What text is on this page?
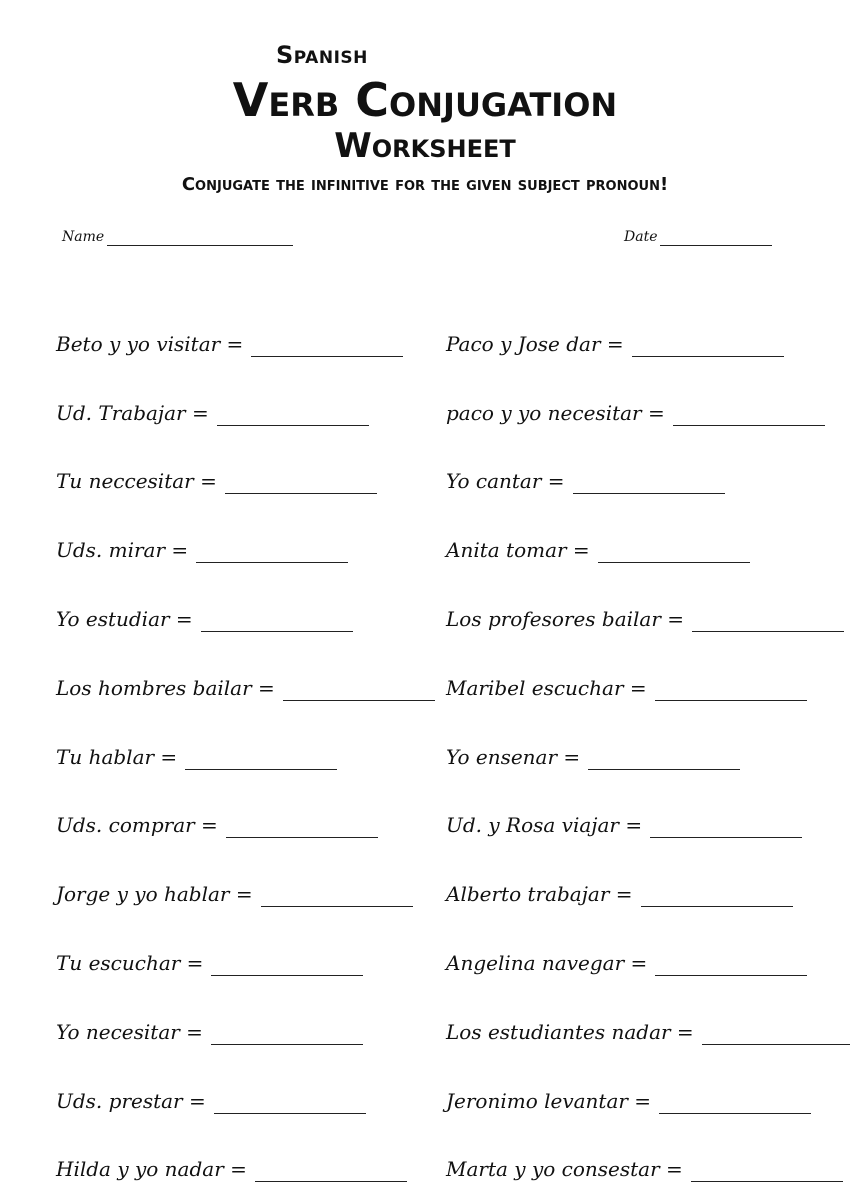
Spanish
Verb Conjugation
Worksheet
Conjugate the infinitive for the given subject pronoun!
Name	Date
Beto y yo visitar =
Ud. Trabajar =
Tu neccesitar =
Uds. mirar =
Yo estudiar =
Los hombres bailar =
Tu hablar =
Uds. comprar =
Jorge y yo hablar =
Tu escuchar =
Yo necesitar =
Uds. prestar =
Hilda y yo nadar =
Paco y Jose dar =
paco y yo necesitar =
Yo cantar =
Anita tomar =
Los profesores bailar =
Maribel escuchar =
Yo ensenar =
Ud. y Rosa viajar =
Alberto trabajar =
Angelina navegar =
Los estudiantes nadar =
Jeronimo levantar =
Marta y yo consestar =
